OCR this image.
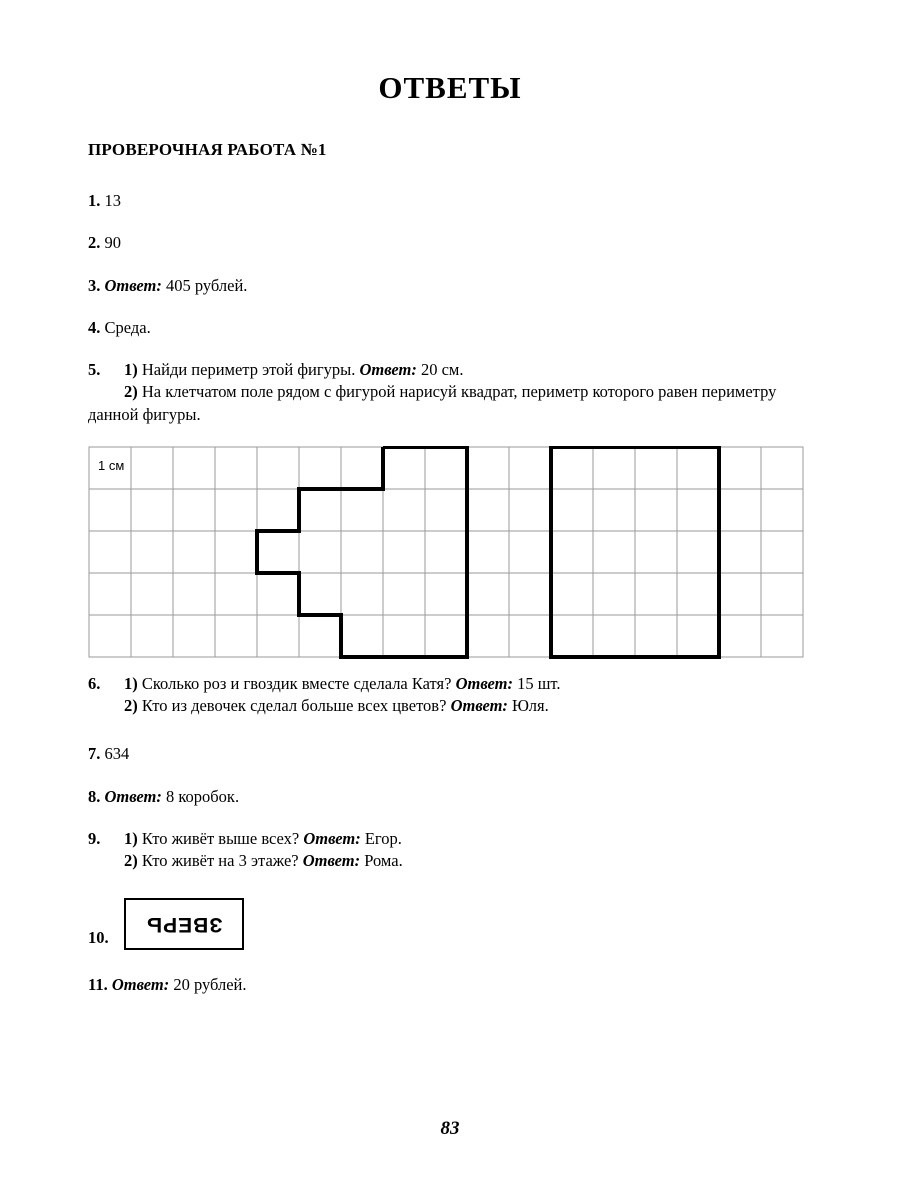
ОТВЕТЫ
ПРОВЕРОЧНАЯ РАБОТА №1
1. 13
2. 90
3. Ответ: 405 рублей.
4. Среда.
5. 1) Найди периметр этой фигуры. Ответ: 20 см.
2) На клетчатом поле рядом с фигурой нарисуй квадрат, периметр которого равен периметру данной фигуры.
1 см
6. 1) Сколько роз и гвоздик вместе сделала Катя? Ответ: 15 шт.
2) Кто из девочек сделал больше всех цветов? Ответ: Юля.
7. 634
8. Ответ: 8 коробок.
9. 1) Кто живёт выше всех? Ответ: Егор.
2) Кто живёт на 3 этаже? Ответ: Рома.
10.
ЗВЕРЬ
11. Ответ: 20 рублей.
83
